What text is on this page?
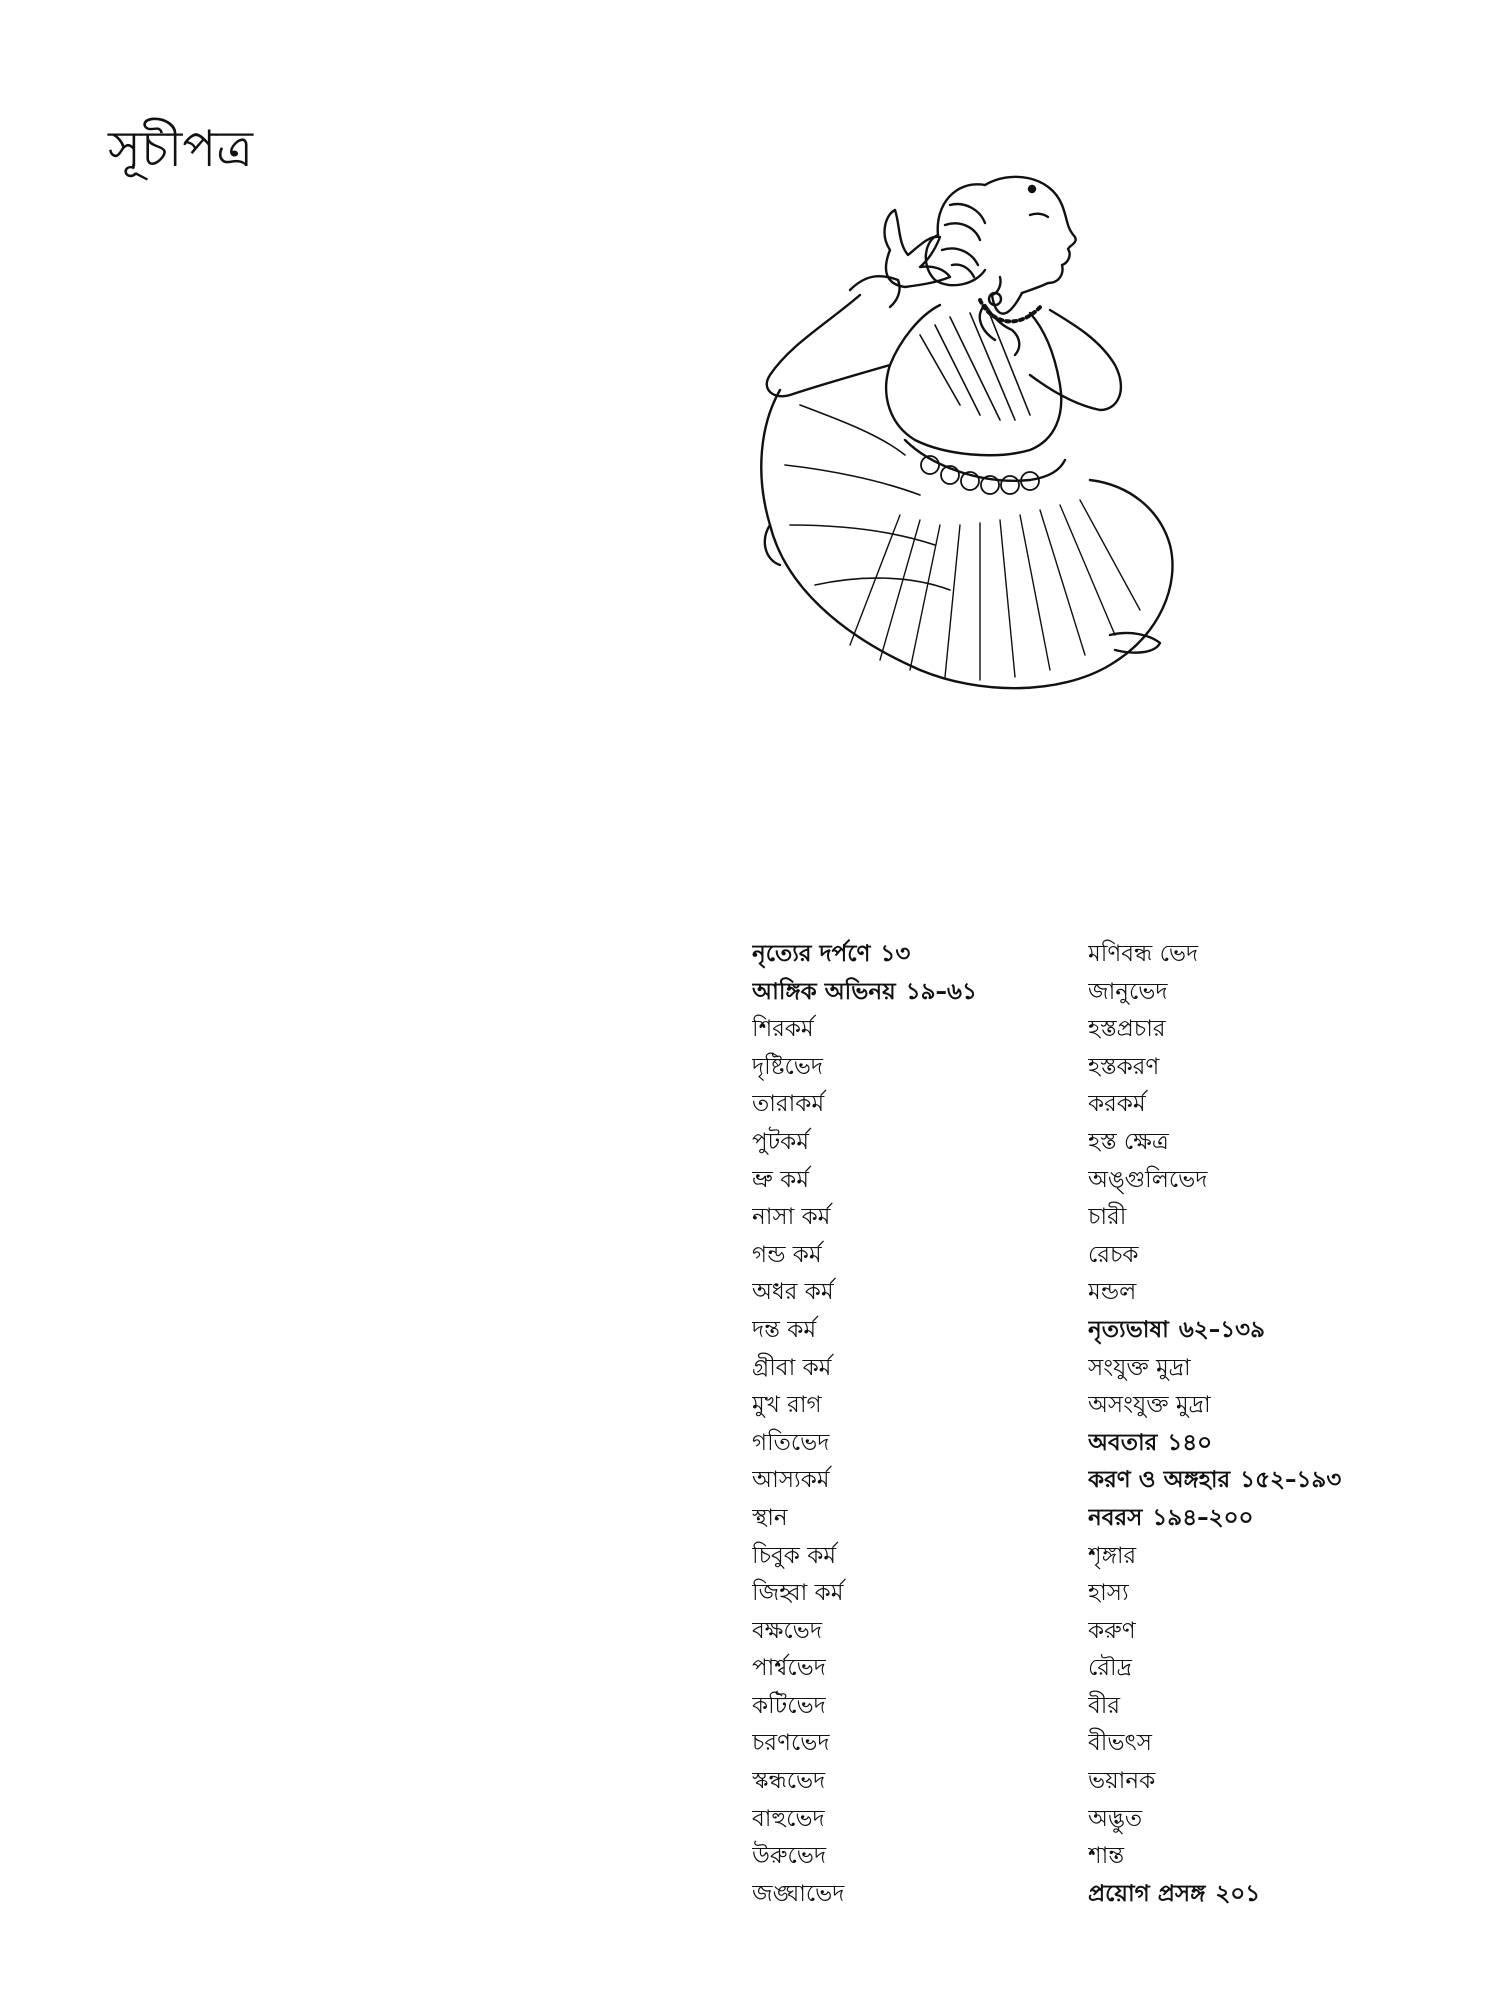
সূচীপত্র
নৃত্যের দর্পণে ১৩
আঙ্গিক অভিনয় ১৯–৬১
শিরকর্ম
দৃষ্টিভেদ
তারাকর্ম
পুটকর্ম
ভ্রু কর্ম
নাসা কর্ম
গন্ড কর্ম
অধর কর্ম
দন্ত কর্ম
গ্রীবা কর্ম
মুখ রাগ
গতিভেদ
আস্যকর্ম
স্থান
চিবুক কর্ম
জিহ্বা কর্ম
বক্ষভেদ
পার্শ্বভেদ
কটিভেদ
চরণভেদ
স্কন্ধভেদ
বাহুভেদ
উরুভেদ
জঙ্ঘাভেদ
মণিবন্ধ ভেদ
জানুভেদ
হস্তপ্রচার
হস্তকরণ
করকর্ম
হস্ত ক্ষেত্র
অঙ্গুলিভেদ
চারী
রেচক
মন্ডল
নৃত্যভাষা ৬২–১৩৯
সংযুক্ত মুদ্রা
অসংযুক্ত মুদ্রা
অবতার ১৪০
করণ ও অঙ্গহার ১৫২–১৯৩
নবরস ১৯৪–২০০
শৃঙ্গার
হাস্য
করুণ
রৌদ্র
বীর
বীভৎস
ভয়ানক
অদ্ভুত
শান্ত
প্রয়োগ প্রসঙ্গ ২০১
